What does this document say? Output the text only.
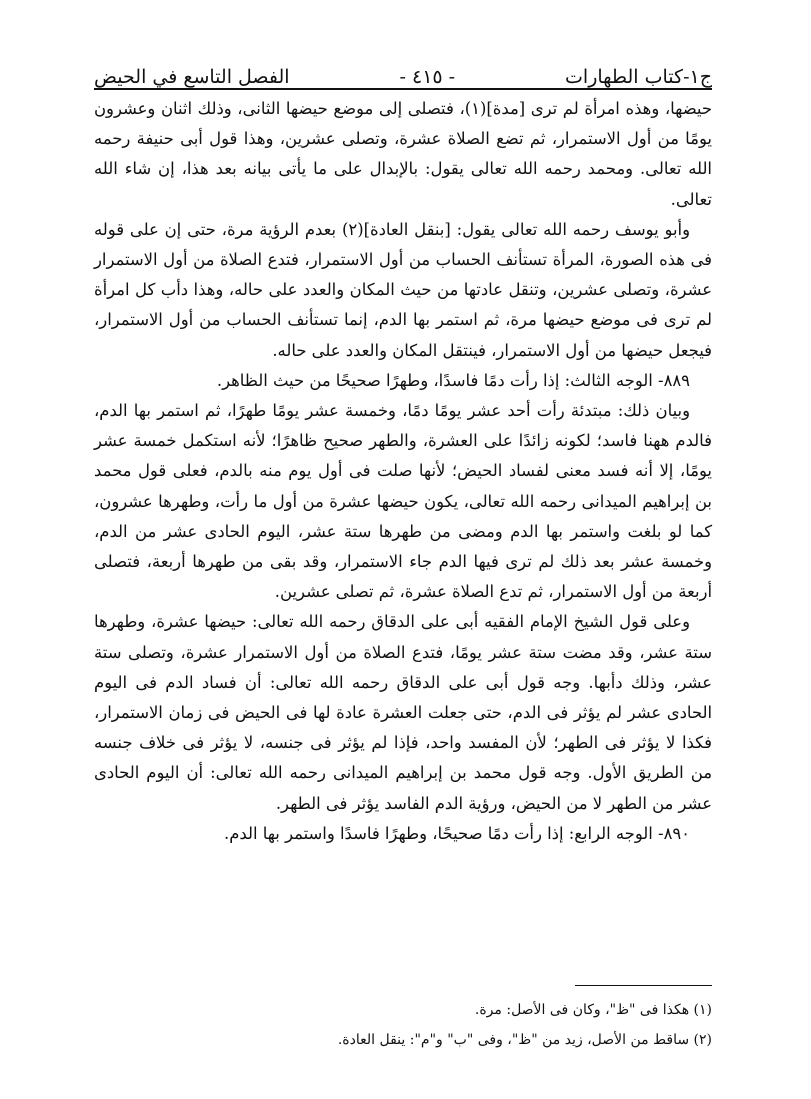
ج١-كتاب الطهارات
- ٤١٥ -
الفصل التاسع في الحيض

حيضها، وهذه امرأة لم ترى [مدة](١)، فتصلى إلى موضع حيضها الثانى، وذلك اثنان وعشرون يومًا من أول الاستمرار، ثم تضع الصلاة عشرة، وتصلى عشرين، وهذا قول أبى حنيفة رحمه الله تعالى. ومحمد رحمه الله تعالى يقول: بالإبدال على ما يأتى بيانه بعد هذا، إن شاء الله تعالى.

وأبو يوسف رحمه الله تعالى يقول: [بنقل العادة](٢) بعدم الرؤية مرة، حتى إن على قوله فى هذه الصورة، المرأة تستأنف الحساب من أول الاستمرار، فتدع الصلاة من أول الاستمرار عشرة، وتصلى عشرين، وتنقل عادتها من حيث المكان والعدد على حاله، وهذا دأب كل امرأة لم ترى فى موضع حيضها مرة، ثم استمر بها الدم، إنما تستأنف الحساب من أول الاستمرار، فيجعل حيضها من أول الاستمرار، فينتقل المكان والعدد على حاله.

٨٨٩- الوجه الثالث: إذا رأت دمًا فاسدًا، وطهرًا صحيحًا من حيث الظاهر.

وبيان ذلك: مبتدئة رأت أحد عشر يومًا دمًا، وخمسة عشر يومًا طهرًا، ثم استمر بها الدم، فالدم ههنا فاسد؛ لكونه زائدًا على العشرة، والطهر صحيح ظاهرًا؛ لأنه استكمل خمسة عشر يومًا، إلا أنه فسد معنى لفساد الحيض؛ لأنها صلت فى أول يوم منه بالدم، فعلى قول محمد بن إبراهيم الميدانى رحمه الله تعالى، يكون حيضها عشرة من أول ما رأت، وطهرها عشرون، كما لو بلغت واستمر بها الدم ومضى من طهرها ستة عشر، اليوم الحادى عشر من الدم، وخمسة عشر بعد ذلك لم ترى فيها الدم جاء الاستمرار، وقد بقى من طهرها أربعة، فتصلى أربعة من أول الاستمرار، ثم تدع الصلاة عشرة، ثم تصلى عشرين.

وعلى قول الشيخ الإمام الفقيه أبى على الدقاق رحمه الله تعالى: حيضها عشرة، وطهرها ستة عشر، وقد مضت ستة عشر يومًا، فتدع الصلاة من أول الاستمرار عشرة، وتصلى ستة عشر، وذلك دأبها. وجه قول أبى على الدقاق رحمه الله تعالى: أن فساد الدم فى اليوم الحادى عشر لم يؤثر فى الدم، حتى جعلت العشرة عادة لها فى الحيض فى زمان الاستمرار، فكذا لا يؤثر فى الطهر؛ لأن المفسد واحد، فإذا لم يؤثر فى جنسه، لا يؤثر فى خلاف جنسه من الطريق الأول. وجه قول محمد بن إبراهيم الميدانى رحمه الله تعالى: أن اليوم الحادى عشر من الطهر لا من الحيض، ورؤية الدم الفاسد يؤثر فى الطهر.

٨٩٠- الوجه الرابع: إذا رأت دمًا صحيحًا، وطهرًا فاسدًا واستمر بها الدم.

(١) هكذا فى "ظ"، وكان فى الأصل: مرة.

(٢) ساقط من الأصل، زيد من "ظ"، وفى "ب" و"م": ينقل العادة.
